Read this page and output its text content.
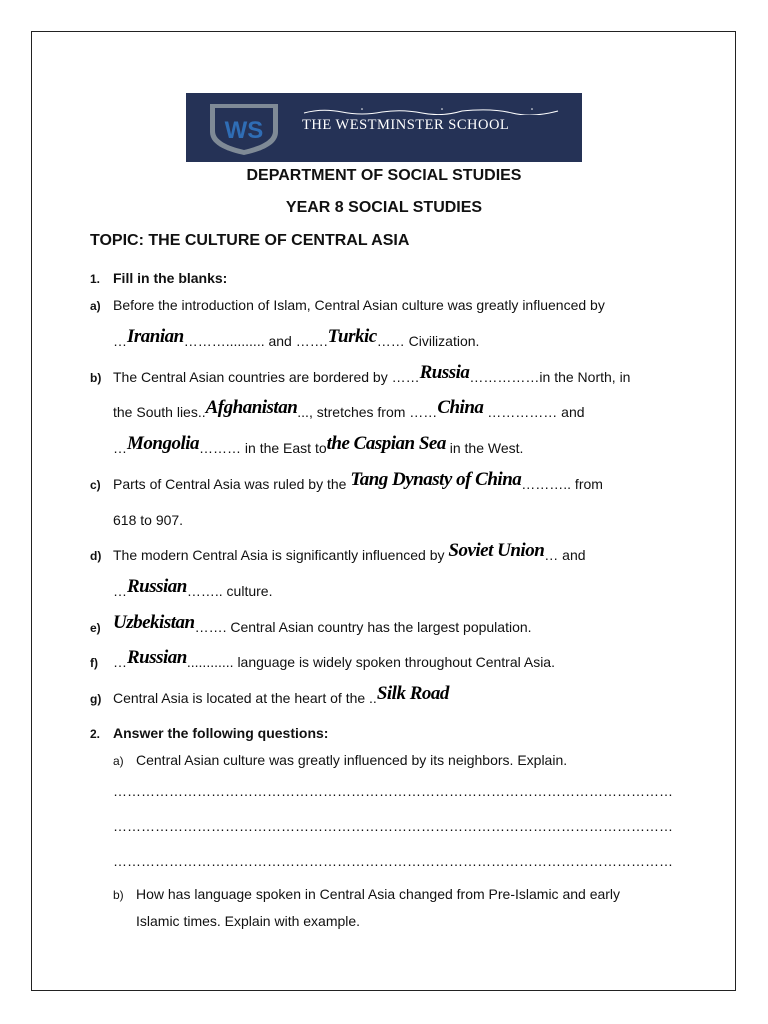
WS	THE WESTMINSTER SCHOOL
DEPARTMENT OF SOCIAL STUDIES
YEAR 8 SOCIAL STUDIES
TOPIC: THE CULTURE OF CENTRAL ASIA
1. Fill in the blanks:
a) Before the introduction of Islam, Central Asian culture was greatly influenced by
…Iranian……….......... and …….Turkic…… Civilization.
b) The Central Asian countries are bordered by ……Russia……………in the North, in
the South lies..Afghanistan..., stretches from ……China …………… and
…Mongolia……… in the East tothe Caspian Sea in the West.
c) Parts of Central Asia was ruled by the Tang Dynasty of China……….. from
618 to 907.
d) The modern Central Asia is significantly influenced by Soviet Union… and
…Russian…….. culture.
e) Uzbekistan……. Central Asian country has the largest population.
f) …Russian............ language is widely spoken throughout Central Asia.
g) Central Asia is located at the heart of the ..Silk Road
2. Answer the following questions:
a) Central Asian culture was greatly influenced by its neighbors. Explain.
…………………………………………………………………………………………………………
…………………………………………………………………………………………………………
…………………………………………………………………………………………………………
b) How has language spoken in Central Asia changed from Pre-Islamic and early
Islamic times. Explain with example.
